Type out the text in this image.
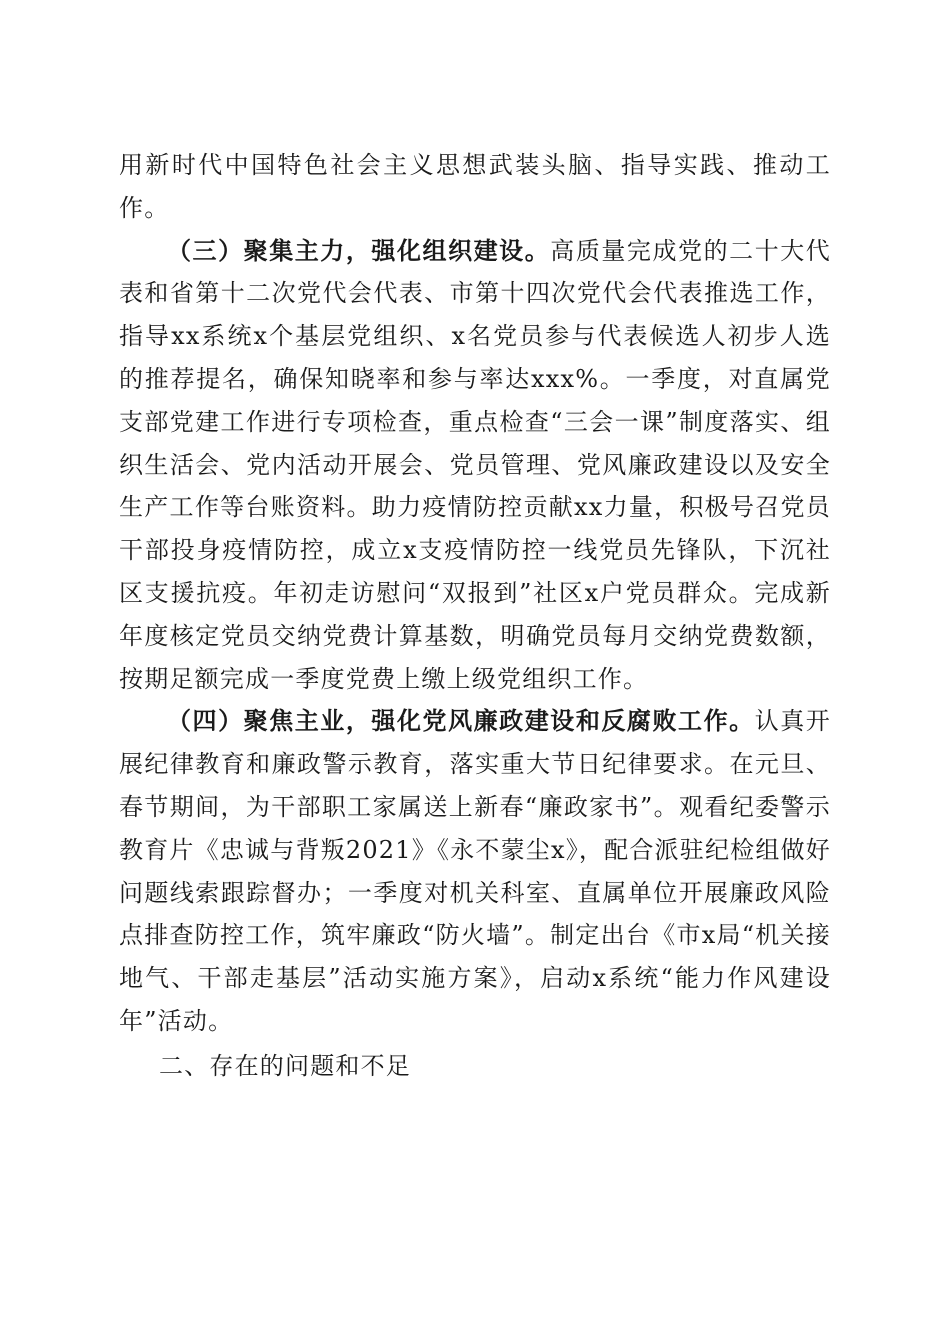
用新时代中国特色社会主义思想武装头脑、指导实践、推动工作。

（三）聚集主力，强化组织建设。高质量完成党的二十大代表和省第十二次党代会代表、市第十四次党代会代表推选工作，指导xx系统x个基层党组织、x名党员参与代表候选人初步人选的推荐提名，确保知晓率和参与率达xxx%。一季度，对直属党支部党建工作进行专项检查，重点检查“三会一课”制度落实、组织生活会、党内活动开展会、党员管理、党风廉政建设以及安全生产工作等台账资料。助力疫情防控贡献xx力量，积极号召党员干部投身疫情防控，成立x支疫情防控一线党员先锋队，下沉社区支援抗疫。年初走访慰问“双报到”社区x户党员群众。完成新年度核定党员交纳党费计算基数，明确党员每月交纳党费数额，按期足额完成一季度党费上缴上级党组织工作。

（四）聚焦主业，强化党风廉政建设和反腐败工作。认真开展纪律教育和廉政警示教育，落实重大节日纪律要求。在元旦、春节期间，为干部职工家属送上新春“廉政家书”。观看纪委警示教育片《忠诚与背叛2021》《永不蒙尘x》，配合派驻纪检组做好问题线索跟踪督办；一季度对机关科室、直属单位开展廉政风险点排查防控工作，筑牢廉政“防火墙”。制定出台《市x局“机关接地气、干部走基层”活动实施方案》，启动x系统“能力作风建设年”活动。

二、存在的问题和不足
